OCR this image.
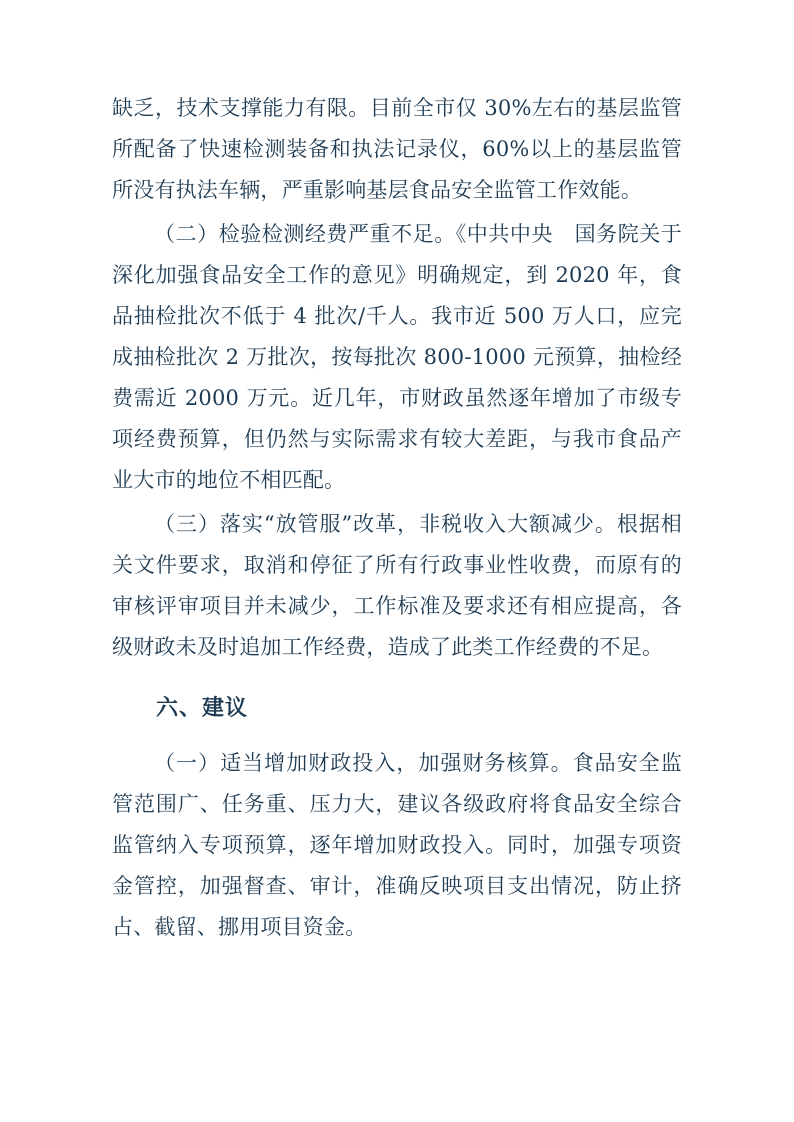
缺乏，技术支撑能力有限。目前全市仅 30%左右的基层监管所配备了快速检测装备和执法记录仪，60%以上的基层监管所没有执法车辆，严重影响基层食品安全监管工作效能。

（二）检验检测经费严重不足。《中共中央　国务院关于深化加强食品安全工作的意见》明确规定，到 2020 年，食品抽检批次不低于 4 批次/千人。我市近 500 万人口，应完成抽检批次 2 万批次，按每批次 800-1000 元预算，抽检经费需近 2000 万元。近几年，市财政虽然逐年增加了市级专项经费预算，但仍然与实际需求有较大差距，与我市食品产业大市的地位不相匹配。

（三）落实“放管服”改革，非税收入大额减少。根据相关文件要求，取消和停征了所有行政事业性收费，而原有的审核评审项目并未减少，工作标准及要求还有相应提高，各级财政未及时追加工作经费，造成了此类工作经费的不足。

六、建议

（一）适当增加财政投入，加强财务核算。食品安全监管范围广、任务重、压力大，建议各级政府将食品安全综合监管纳入专项预算，逐年增加财政投入。同时，加强专项资金管控，加强督查、审计，准确反映项目支出情况，防止挤占、截留、挪用项目资金。
